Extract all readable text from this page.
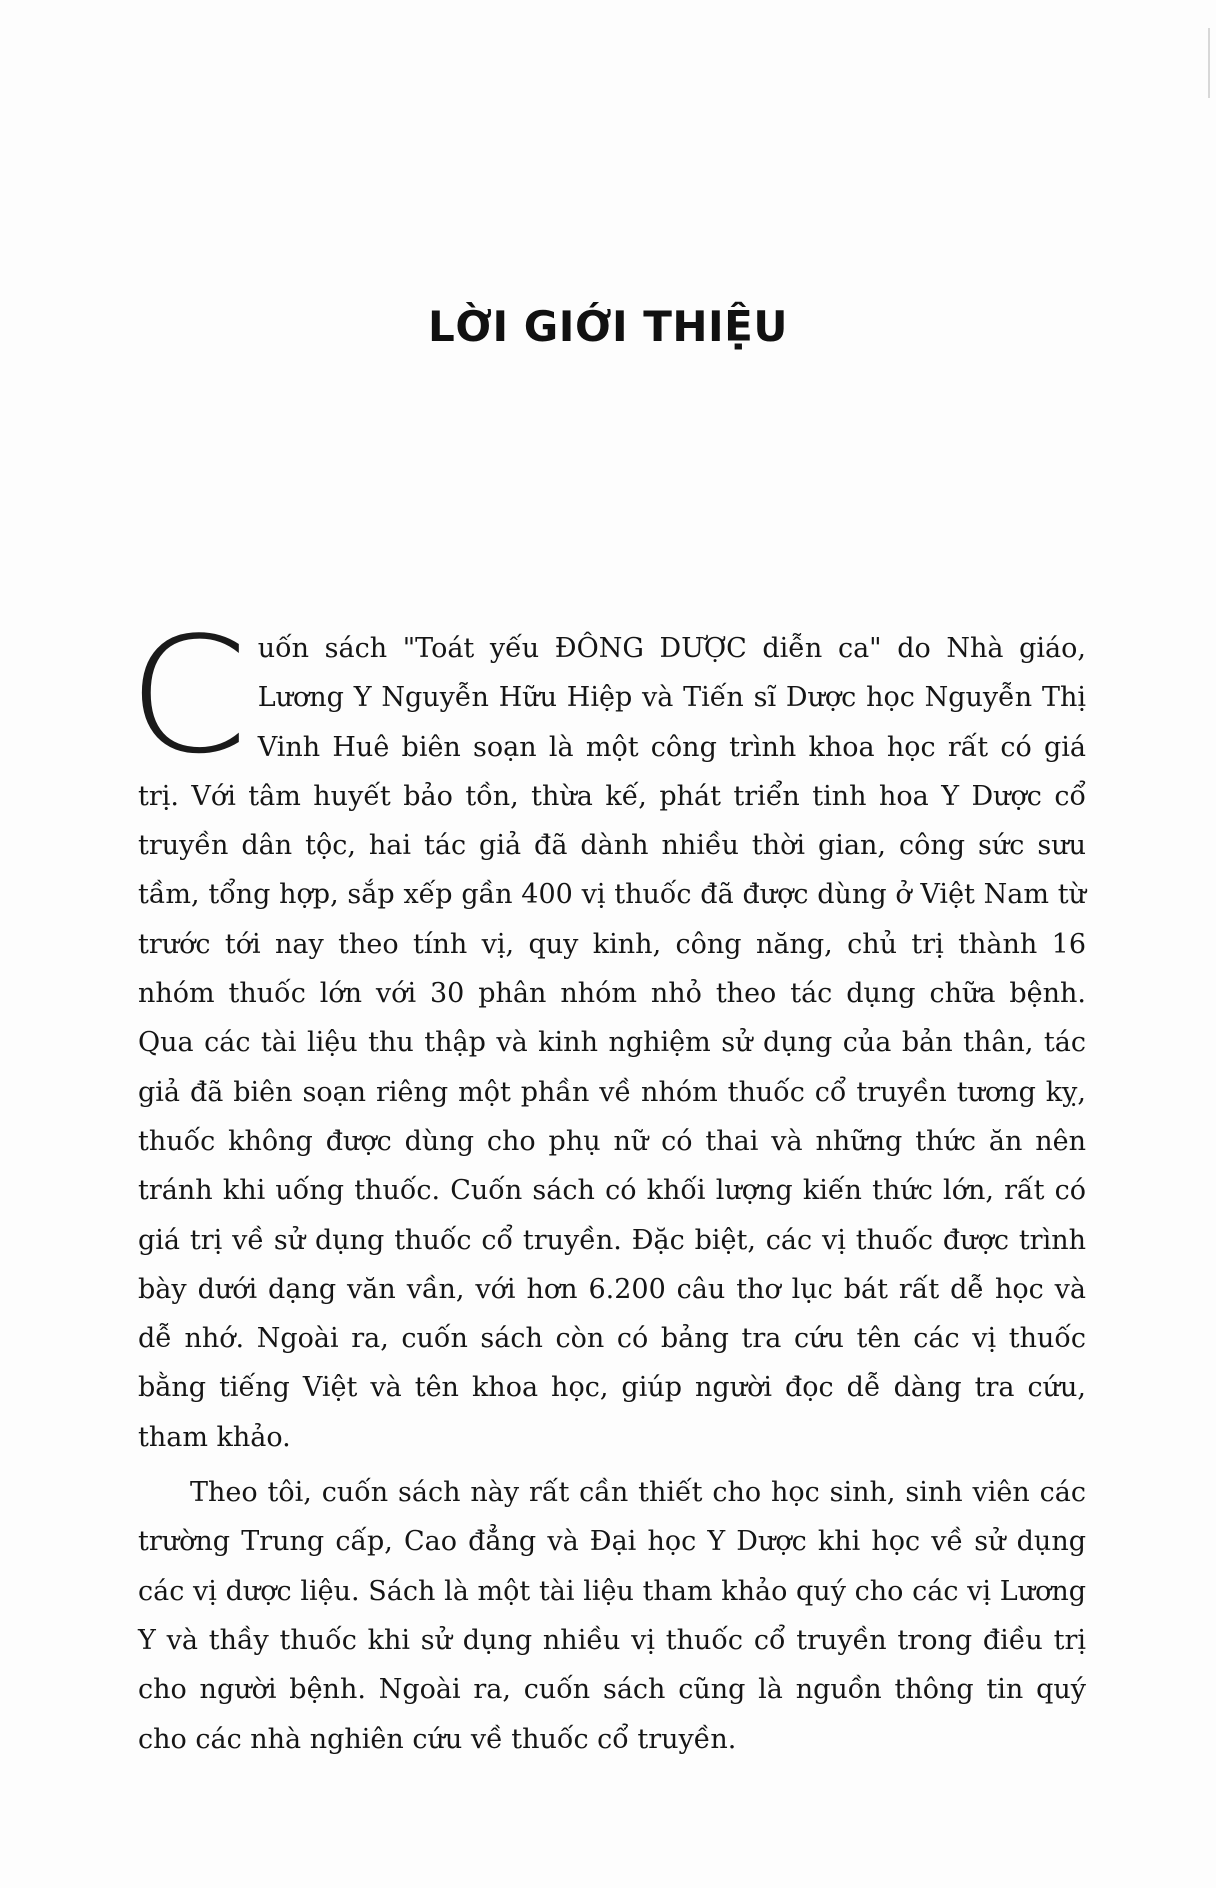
LỜI GIỚI THIỆU

Cuốn sách "Toát yếu ĐÔNG DƯỢC diễn ca" do Nhà giáo, Lương Y Nguyễn Hữu Hiệp và Tiến sĩ Dược học Nguyễn Thị Vinh Huê biên soạn là một công trình khoa học rất có giá trị. Với tâm huyết bảo tồn, thừa kế, phát triển tinh hoa Y Dược cổ truyền dân tộc, hai tác giả đã dành nhiều thời gian, công sức sưu tầm, tổng hợp, sắp xếp gần 400 vị thuốc đã được dùng ở Việt Nam từ trước tới nay theo tính vị, quy kinh, công năng, chủ trị thành 16 nhóm thuốc lớn với 30 phân nhóm nhỏ theo tác dụng chữa bệnh. Qua các tài liệu thu thập và kinh nghiệm sử dụng của bản thân, tác giả đã biên soạn riêng một phần về nhóm thuốc cổ truyền tương kỵ, thuốc không được dùng cho phụ nữ có thai và những thức ăn nên tránh khi uống thuốc. Cuốn sách có khối lượng kiến thức lớn, rất có giá trị về sử dụng thuốc cổ truyền. Đặc biệt, các vị thuốc được trình bày dưới dạng văn vần, với hơn 6.200 câu thơ lục bát rất dễ học và dễ nhớ. Ngoài ra, cuốn sách còn có bảng tra cứu tên các vị thuốc bằng tiếng Việt và tên khoa học, giúp người đọc dễ dàng tra cứu, tham khảo.

Theo tôi, cuốn sách này rất cần thiết cho học sinh, sinh viên các trường Trung cấp, Cao đẳng và Đại học Y Dược khi học về sử dụng các vị dược liệu. Sách là một tài liệu tham khảo quý cho các vị Lương Y và thầy thuốc khi sử dụng nhiều vị thuốc cổ truyền trong điều trị cho người bệnh. Ngoài ra, cuốn sách cũng là nguồn thông tin quý cho các nhà nghiên cứu về thuốc cổ truyền.
